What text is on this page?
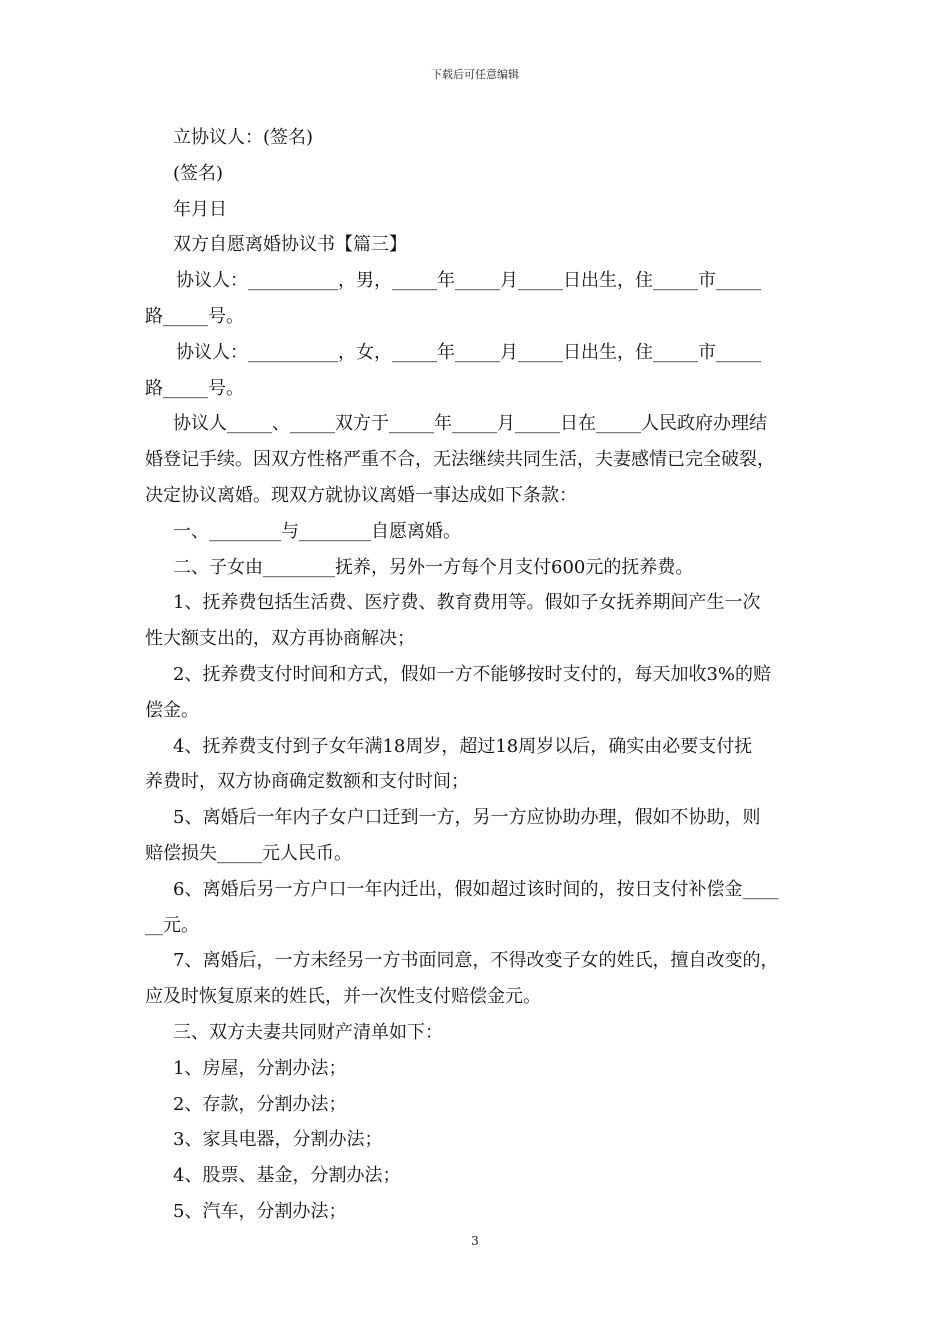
下载后可任意编辑
立协议人：(签名)
(签名)
年月日
双方自愿离婚协议书【篇三】
协议人：__________，男，_____年_____月_____日出生，住_____市_____
路_____号。
协议人：__________，女，_____年_____月_____日出生，住_____市_____
路_____号。
协议人_____、_____双方于_____年_____月_____日在_____人民政府办理结
婚登记手续。因双方性格严重不合，无法继续共同生活，夫妻感情已完全破裂，
决定协议离婚。现双方就协议离婚一事达成如下条款：
一、________与________自愿离婚。
二、子女由________抚养，另外一方每个月支付600元的抚养费。
1、抚养费包括生活费、医疗费、教育费用等。假如子女抚养期间产生一次
性大额支出的，双方再协商解决；
2、抚养费支付时间和方式，假如一方不能够按时支付的，每天加收3%的赔
偿金。
4、抚养费支付到子女年满18周岁，超过18周岁以后，确实由必要支付抚
养费时，双方协商确定数额和支付时间；
5、离婚后一年内子女户口迁到一方，另一方应协助办理，假如不协助，则
赔偿损失_____元人民币。
6、离婚后另一方户口一年内迁出，假如超过该时间的，按日支付补偿金____
__元。
7、离婚后，一方未经另一方书面同意，不得改变子女的姓氏，擅自改变的，
应及时恢复原来的姓氏，并一次性支付赔偿金元。
三、双方夫妻共同财产清单如下：
1、房屋，分割办法；
2、存款，分割办法；
3、家具电器，分割办法；
4、股票、基金，分割办法；
5、汽车，分割办法；
3
